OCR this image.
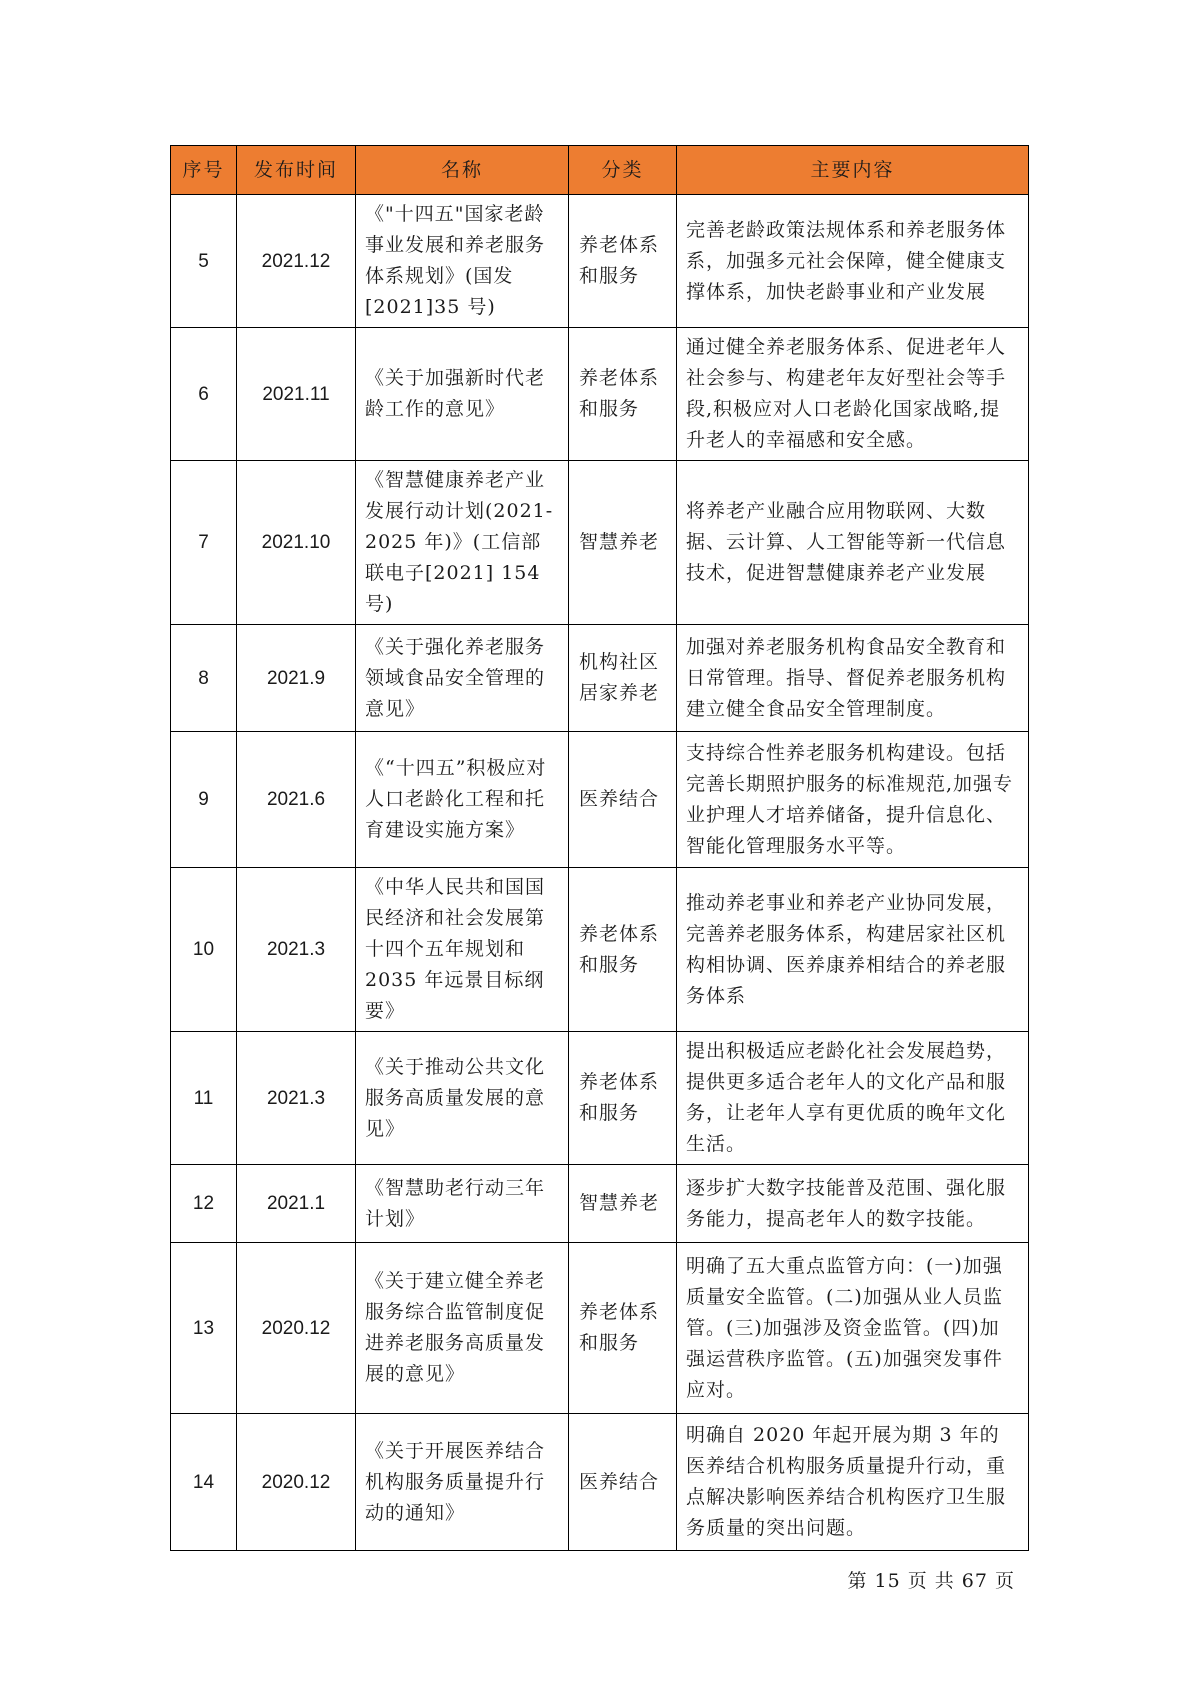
序号	发布时间	名称	分类	主要内容
5	2021.12	《"十四五"国家老龄事业发展和养老服务体系规划》(国发[2021]35 号)	养老体系和服务	完善老龄政策法规体系和养老服务体系，加强多元社会保障，健全健康支撑体系，加快老龄事业和产业发展
6	2021.11	《关于加强新时代老龄工作的意见》	养老体系和服务	通过健全养老服务体系、促进老年人社会参与、构建老年友好型社会等手段,积极应对人口老龄化国家战略,提升老人的幸福感和安全感。
7	2021.10	《智慧健康养老产业发展行动计划(2021-2025 年)》(工信部联电子[2021] 154 号)	智慧养老	将养老产业融合应用物联网、大数据、云计算、人工智能等新一代信息技术，促进智慧健康养老产业发展
8	2021.9	《关于强化养老服务领域食品安全管理的意见》	机构社区居家养老	加强对养老服务机构食品安全教育和日常管理。指导、督促养老服务机构建立健全食品安全管理制度。
9	2021.6	《“十四五”积极应对人口老龄化工程和托育建设实施方案》	医养结合	支持综合性养老服务机构建设。包括完善长期照护服务的标准规范,加强专业护理人才培养储备，提升信息化、智能化管理服务水平等。
10	2021.3	《中华人民共和国国民经济和社会发展第十四个五年规划和 2035 年远景目标纲要》	养老体系和服务	推动养老事业和养老产业协同发展，完善养老服务体系，构建居家社区机构相协调、医养康养相结合的养老服务体系
11	2021.3	《关于推动公共文化服务高质量发展的意见》	养老体系和服务	提出积极适应老龄化社会发展趋势，提供更多适合老年人的文化产品和服务，让老年人享有更优质的晚年文化生活。
12	2021.1	《智慧助老行动三年计划》	智慧养老	逐步扩大数字技能普及范围、强化服务能力，提高老年人的数字技能。
13	2020.12	《关于建立健全养老服务综合监管制度促进养老服务高质量发展的意见》	养老体系和服务	明确了五大重点监管方向：(一)加强质量安全监管。(二)加强从业人员监管。(三)加强涉及资金监管。(四)加强运营秩序监管。(五)加强突发事件应对。
14	2020.12	《关于开展医养结合机构服务质量提升行动的通知》	医养结合	明确自 2020 年起开展为期 3 年的医养结合机构服务质量提升行动，重点解决影响医养结合机构医疗卫生服务质量的突出问题。
第 15 页 共 67 页
